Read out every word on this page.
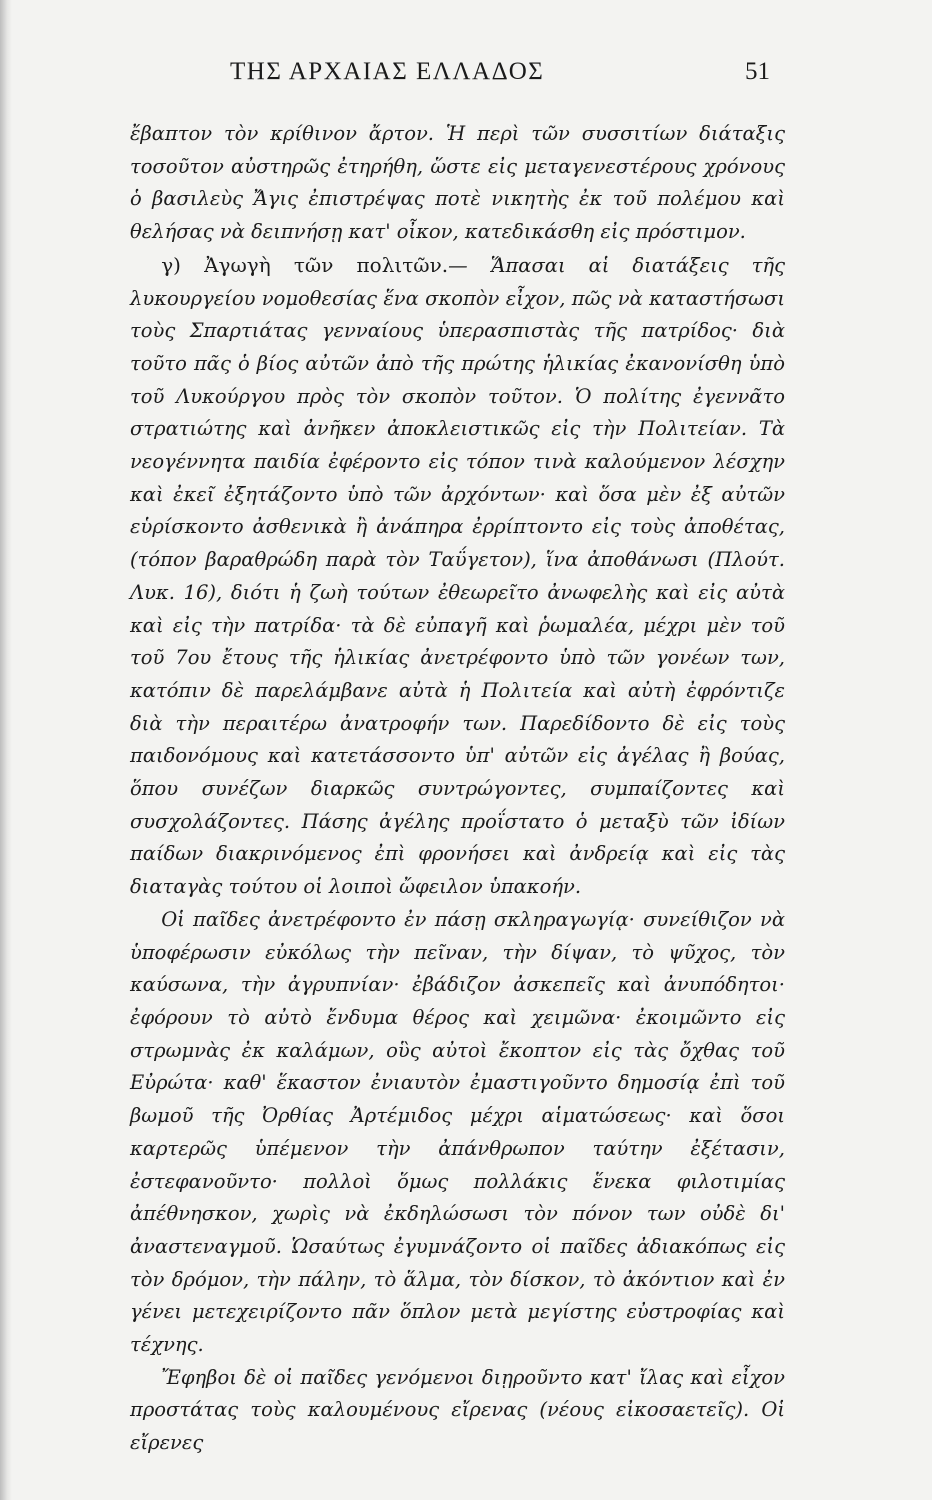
ΤΗΣ ΑΡΧΑΙΑΣ ΕΛΛΑΔΟΣ	51

ἔβαπτον τὸν κρίθινον ἄρτον. Ἡ περὶ τῶν συσσιτίων διάταξις τοσοῦτον αὐστηρῶς ἐτηρήθη, ὥστε εἰς μεταγενεστέρους χρόνους ὁ βασιλεὺς Ἄγις ἐπιστρέψας ποτὲ νικητὴς ἐκ τοῦ πολέμου καὶ θελήσας νὰ δειπνήσῃ κατ' οἶκον, κατεδικάσθη εἰς πρόστιμον.

γ) Ἀγωγὴ τῶν πολιτῶν.— Ἅπασαι αἱ διατάξεις τῆς λυκουργείου νομοθεσίας ἕνα σκοπὸν εἶχον, πῶς νὰ καταστήσωσι τοὺς Σπαρτιάτας γενναίους ὑπερασπιστὰς τῆς πατρίδος· διὰ τοῦτο πᾶς ὁ βίος αὐτῶν ἀπὸ τῆς πρώτης ἡλικίας ἐκανονίσθη ὑπὸ τοῦ Λυκούργου πρὸς τὸν σκοπὸν τοῦτον. Ὁ πολίτης ἐγεννᾶτο στρατιώτης καὶ ἀνῆκεν ἀποκλειστικῶς εἰς τὴν Πολιτείαν. Τὰ νεογέννητα παιδία ἐφέροντο εἰς τόπον τινὰ καλούμενον λέσχην καὶ ἐκεῖ ἐξητάζοντο ὑπὸ τῶν ἀρχόντων· καὶ ὅσα μὲν ἐξ αὐτῶν εὑρίσκοντο ἀσθενικὰ ἢ ἀνάπηρα ἐρρίπτοντο εἰς τοὺς ἀποθέτας, (τόπον βαραθρώδη παρὰ τὸν Ταΰγετον), ἵνα ἀποθάνωσι (Πλούτ. Λυκ. 16), διότι ἡ ζωὴ τούτων ἐθεωρεῖτο ἀνωφελὴς καὶ εἰς αὐτὰ καὶ εἰς τὴν πατρίδα· τὰ δὲ εὐπαγῆ καὶ ῥωμαλέα, μέχρι μὲν τοῦ τοῦ 7ου ἔτους τῆς ἡλικίας ἀνετρέφοντο ὑπὸ τῶν γονέων των, κατόπιν δὲ παρελάμβανε αὐτὰ ἡ Πολιτεία καὶ αὐτὴ ἐφρόντιζε διὰ τὴν περαιτέρω ἀνατροφήν των. Παρεδίδοντο δὲ εἰς τοὺς παιδονόμους καὶ κατετάσσοντο ὑπ' αὐτῶν εἰς ἀγέλας ἢ βούας, ὅπου συνέζων διαρκῶς συντρώγοντες, συμπαίζοντες καὶ συσχολάζοντες. Πάσης ἀγέλης προΐστατο ὁ μεταξὺ τῶν ἰδίων παίδων διακρινόμενος ἐπὶ φρονήσει καὶ ἀνδρείᾳ καὶ εἰς τὰς διαταγὰς τούτου οἱ λοιποὶ ὤφειλον ὑπακοήν.

Οἱ παῖδες ἀνετρέφοντο ἐν πάσῃ σκληραγωγίᾳ· συνείθιζον νὰ ὑποφέρωσιν εὐκόλως τὴν πεῖναν, τὴν δίψαν, τὸ ψῦχος, τὸν καύσωνα, τὴν ἀγρυπνίαν· ἐβάδιζον ἀσκεπεῖς καὶ ἀνυπόδητοι· ἐφόρουν τὸ αὐτὸ ἔνδυμα θέρος καὶ χειμῶνα· ἐκοιμῶντο εἰς στρωμνὰς ἐκ καλάμων, οὓς αὐτοὶ ἔκοπτον εἰς τὰς ὄχθας τοῦ Εὐρώτα· καθ' ἕκαστον ἐνιαυτὸν ἐμαστιγοῦντο δημοσίᾳ ἐπὶ τοῦ βωμοῦ τῆς Ὀρθίας Ἀρτέμιδος μέχρι αἱματώσεως· καὶ ὅσοι καρτερῶς ὑπέμενον τὴν ἀπάνθρωπον ταύτην ἐξέτασιν, ἐστεφανοῦντο· πολλοὶ ὅμως πολλάκις ἕνεκα φιλοτιμίας ἀπέθνησκον, χωρὶς νὰ ἐκδηλώσωσι τὸν πόνον των οὐδὲ δι' ἀναστεναγμοῦ. Ὡσαύτως ἐγυμνάζοντο οἱ παῖδες ἀδιακόπως εἰς τὸν δρόμον, τὴν πάλην, τὸ ἅλμα, τὸν δίσκον, τὸ ἀκόντιον καὶ ἐν γένει μετεχειρίζοντο πᾶν ὅπλον μετὰ μεγίστης εὐστροφίας καὶ τέχνης.

Ἔφηβοι δὲ οἱ παῖδες γενόμενοι διῃροῦντο κατ' ἴλας καὶ εἶχον προστάτας τοὺς καλουμένους εἴρενας (νέους εἰκοσαετεῖς). Οἱ εἴρενες
